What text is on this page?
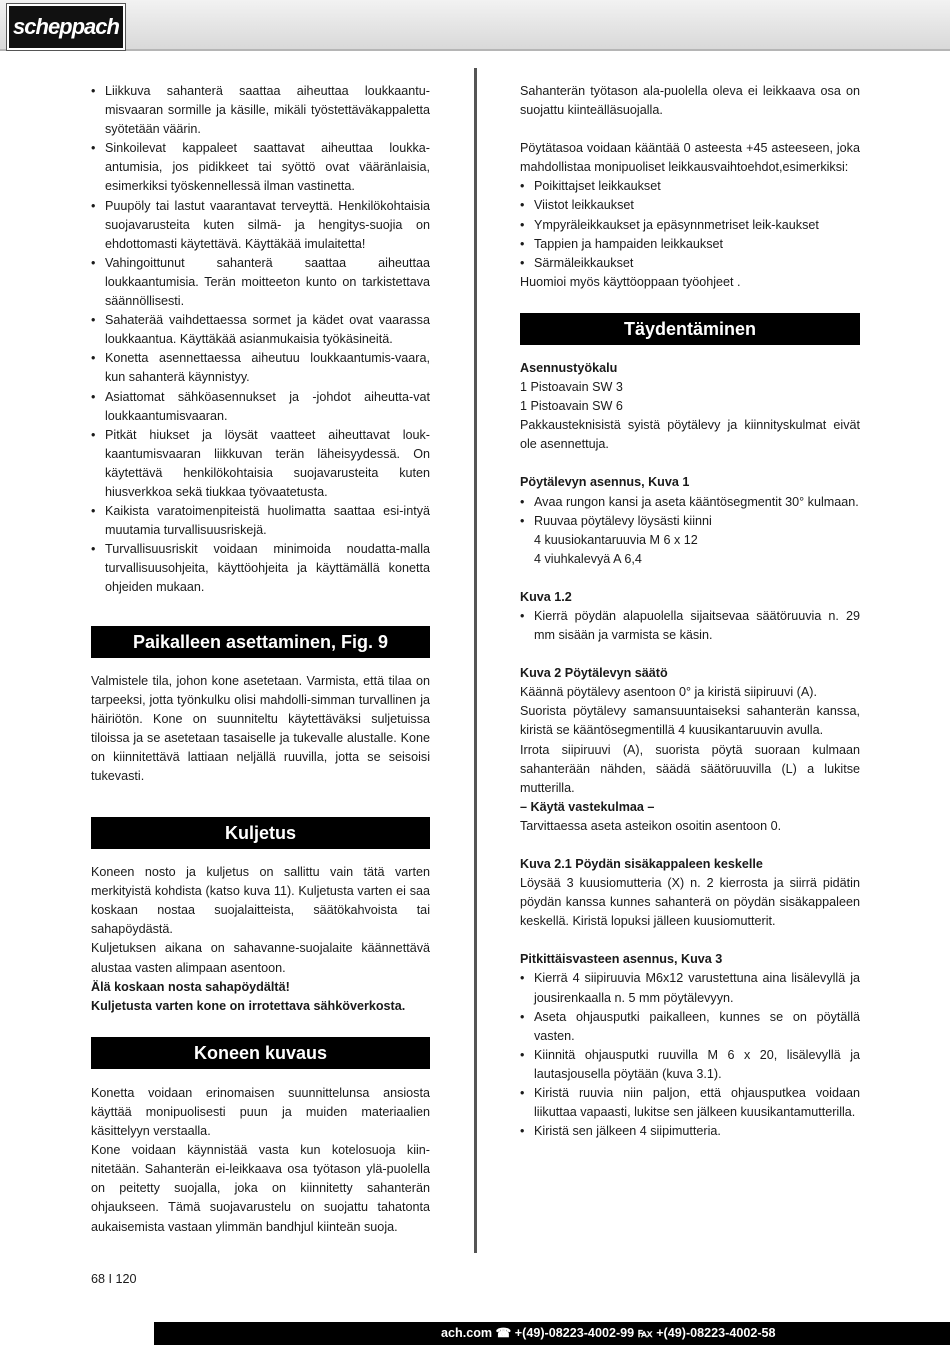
scheppach
• Liikkuva sahanterä saattaa aiheuttaa loukkaantu-misvaaran sormille ja käsille, mikäli työstettäväkappaletta syötetään väärin.
• Sinkoilevat kappaleet saattavat aiheuttaa loukka-antumisia, jos pidikkeet tai syöttö ovat vääränlaisia, esimerkiksi työskennellessä ilman vastinetta.
• Puupöly tai lastut vaarantavat terveyttä. Henkilökohtaisia suojavarusteita kuten silmä- ja hengitys-suojia on ehdottomasti käytettävä. Käyttäkää imulaitetta!
• Vahingoittunut sahanterä saattaa aiheuttaa loukkaantumisia. Terän moitteeton kunto on tarkistettava säännöllisesti.
• Sahaterää vaihdettaessa sormet ja kädet ovat vaarassa loukkaantua. Käyttäkää asianmukaisia työkäsineitä.
• Konetta asennettaessa aiheutuu loukkaantumis-vaara, kun sahanterä käynnistyy.
• Asiattomat sähköasennukset ja -johdot aiheutta-vat loukkaantumisvaaran.
• Pitkät hiukset ja löysät vaatteet aiheuttavat louk-kaantumisvaaran liikkuvan terän läheisyydessä. On käytettävä henkilökohtaisia suojavarusteita kuten hiusverkkoa sekä tiukkaa työvaatetusta.
• Kaikista varatoimenpiteistä huolimatta saattaa esi-intyä muutamia turvallisuusriskejä.
• Turvallisuusriskit voidaan minimoida noudatta-malla turvallisuusohjeita, käyttöohjeita ja käyttämällä konetta ohjeiden mukaan.
Paikalleen asettaminen, Fig. 9

Valmistele tila, johon kone asetetaan. Varmista, että tilaa on tarpeeksi, jotta työnkulku olisi mahdolli-simman turvallinen ja häiriötön. Kone on suunniteltu käytettäväksi suljetuissa tiloissa ja se asetetaan tasaiselle ja tukevalle alustalle. Kone on kiinnitettävä lattiaan neljällä ruuvilla, jotta se seisoisi tukevasti.

Kuljetus

Koneen nosto ja kuljetus on sallittu vain tätä varten merkityistä kohdista (katso kuva 11). Kuljetusta varten ei saa koskaan nostaa suojalaitteista, säätökahvoista tai sahapöydästä.

Kuljetuksen aikana on sahavanne-suojalaite käännettävä alustaa vasten alimpaan asentoon.

Älä koskaan nosta sahapöydältä!

Kuljetusta varten kone on irrotettava sähköverkosta.

Koneen kuvaus

Konetta voidaan erinomaisen suunnittelunsa ansiosta käyttää monipuolisesti puun ja muiden materiaalien käsittelyyn verstaalla.

Kone voidaan käynnistää vasta kun kotelosuoja kiin-nitetään. Sahanterän ei-leikkaava osa työtason ylä-puolella on peitetty suojalla, joka on kiinnitetty sahanterän ohjaukseen. Tämä suojavarustelu on suojattu tahatonta aukaisemista vastaan ylimmän bandhjul kiinteän suoja.

Sahanterän työtason ala-puolella oleva ei leikkaava osa on suojattu kiinteälläsuojalla.

Pöytätasoa voidaan kääntää 0 asteesta +45 asteeseen, joka mahdollistaa monipuoliset leikkausvaihtoehdot,esimerkiksi:

• Poikittajset leikkaukset
• Viistot leikkaukset
• Ympyräleikkaukset ja epäsynnmetriset leik-kaukset
• Tappien ja hampaiden leikkaukset
• Särmäleikkaukset

Huomioi myös käyttöoppaan työohjeet .

Täydentäminen

Asennustyökalu

1 Pistoavain SW 3

1 Pistoavain SW 6

Pakkausteknisistä syistä pöytälevy ja kiinnityskulmat eivät ole asennettuja.

Pöytälevyn asennus, Kuva 1

• Avaa rungon kansi ja aseta kääntösegmentit 30° kulmaan.
• Ruuvaa pöytälevy löysästi kiinni

4 kuusiokantaruuvia M 6 x 12

4 viuhkalevyä A 6,4

Kuva 1.2

• Kierrä pöydän alapuolella sijaitsevaa säätöruuvia n. 29 mm sisään ja varmista se käsin.

Kuva 2 Pöytälevyn säätö

Käännä pöytälevy asentoon 0° ja kiristä siipiruuvi (A).

Suorista pöytälevy samansuuntaiseksi sahanterän kanssa, kiristä se kääntösegmentillä 4 kuusikantaruuvin avulla.

Irrota siipiruuvi (A), suorista pöytä suoraan kulmaan sahanterään nähden, säädä säätöruuvilla (L) a lukitse mutterilla.

– Käytä vastekulmaa –

Tarvittaessa aseta asteikon osoitin asentoon 0.

Kuva 2.1 Pöydän sisäkappaleen keskelle

Löysää 3 kuusiomutteria (X) n. 2 kierrosta ja siirrä pidätin pöydän kanssa kunnes sahanterä on pöydän sisäkappaleen keskellä. Kiristä lopuksi jälleen kuusiomutterit.

Pitkittäisvasteen asennus, Kuva 3

• Kierrä 4 siipiruuvia M6x12 varustettuna aina lisälevyllä ja jousirenkaalla n. 5 mm pöytälevyyn.
• Aseta ohjausputki paikalleen, kunnes se on pöytällä vasten.
• Kiinnitä ohjausputki ruuvilla M 6 x 20, lisälevyllä ja lautasjousella pöytään (kuva 3.1).
• Kiristä ruuvia niin paljon, että ohjausputkea voidaan liikuttaa vapaasti, lukitse sen jälkeen kuusikantamutterilla.
• Kiristä sen jälkeen 4 siipimutteria.
68 I 120
ach.com ☎ +(49)-08223-4002-99 ℻ +(49)-08223-4002-58
